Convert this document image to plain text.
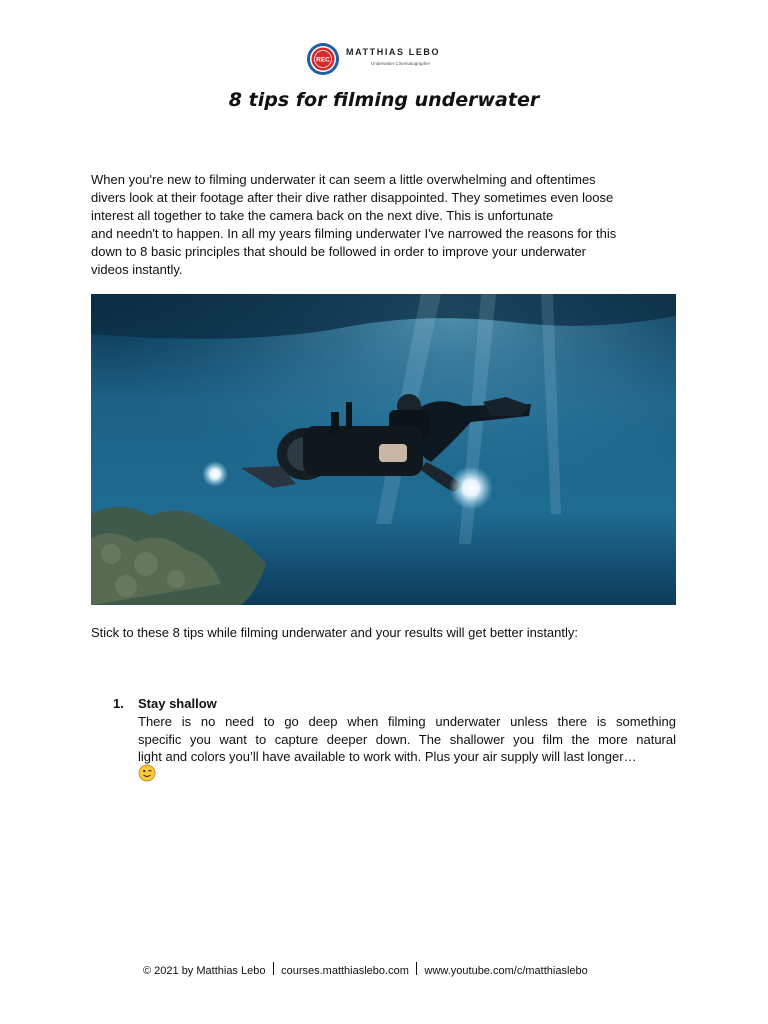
REC
MATTHIAS LEBO
Underwater Cinematographer
8 tips for filming underwater
When you're new to filming underwater it can seem a little overwhelming and oftentimes
divers look at their footage after their dive rather disappointed. They sometimes even loose
interest all together to take the camera back on the next dive. This is unfortunate
and needn't to happen. In all my years filming underwater I've narrowed the reasons for this
down to 8 basic principles that should be followed in order to improve your underwater
videos instantly.

Stick to these 8 tips while filming underwater and your results will get better instantly:

1. Stay shallow

There is no need to go deep when filming underwater unless there is something
specific you want to capture deeper down. The shallower you film the more natural
light and colors you’ll have available to work with. Plus your air supply will last longer…

© 2021 by Matthias Lebo courses.matthiaslebo.com www.youtube.com/c/matthiaslebo
